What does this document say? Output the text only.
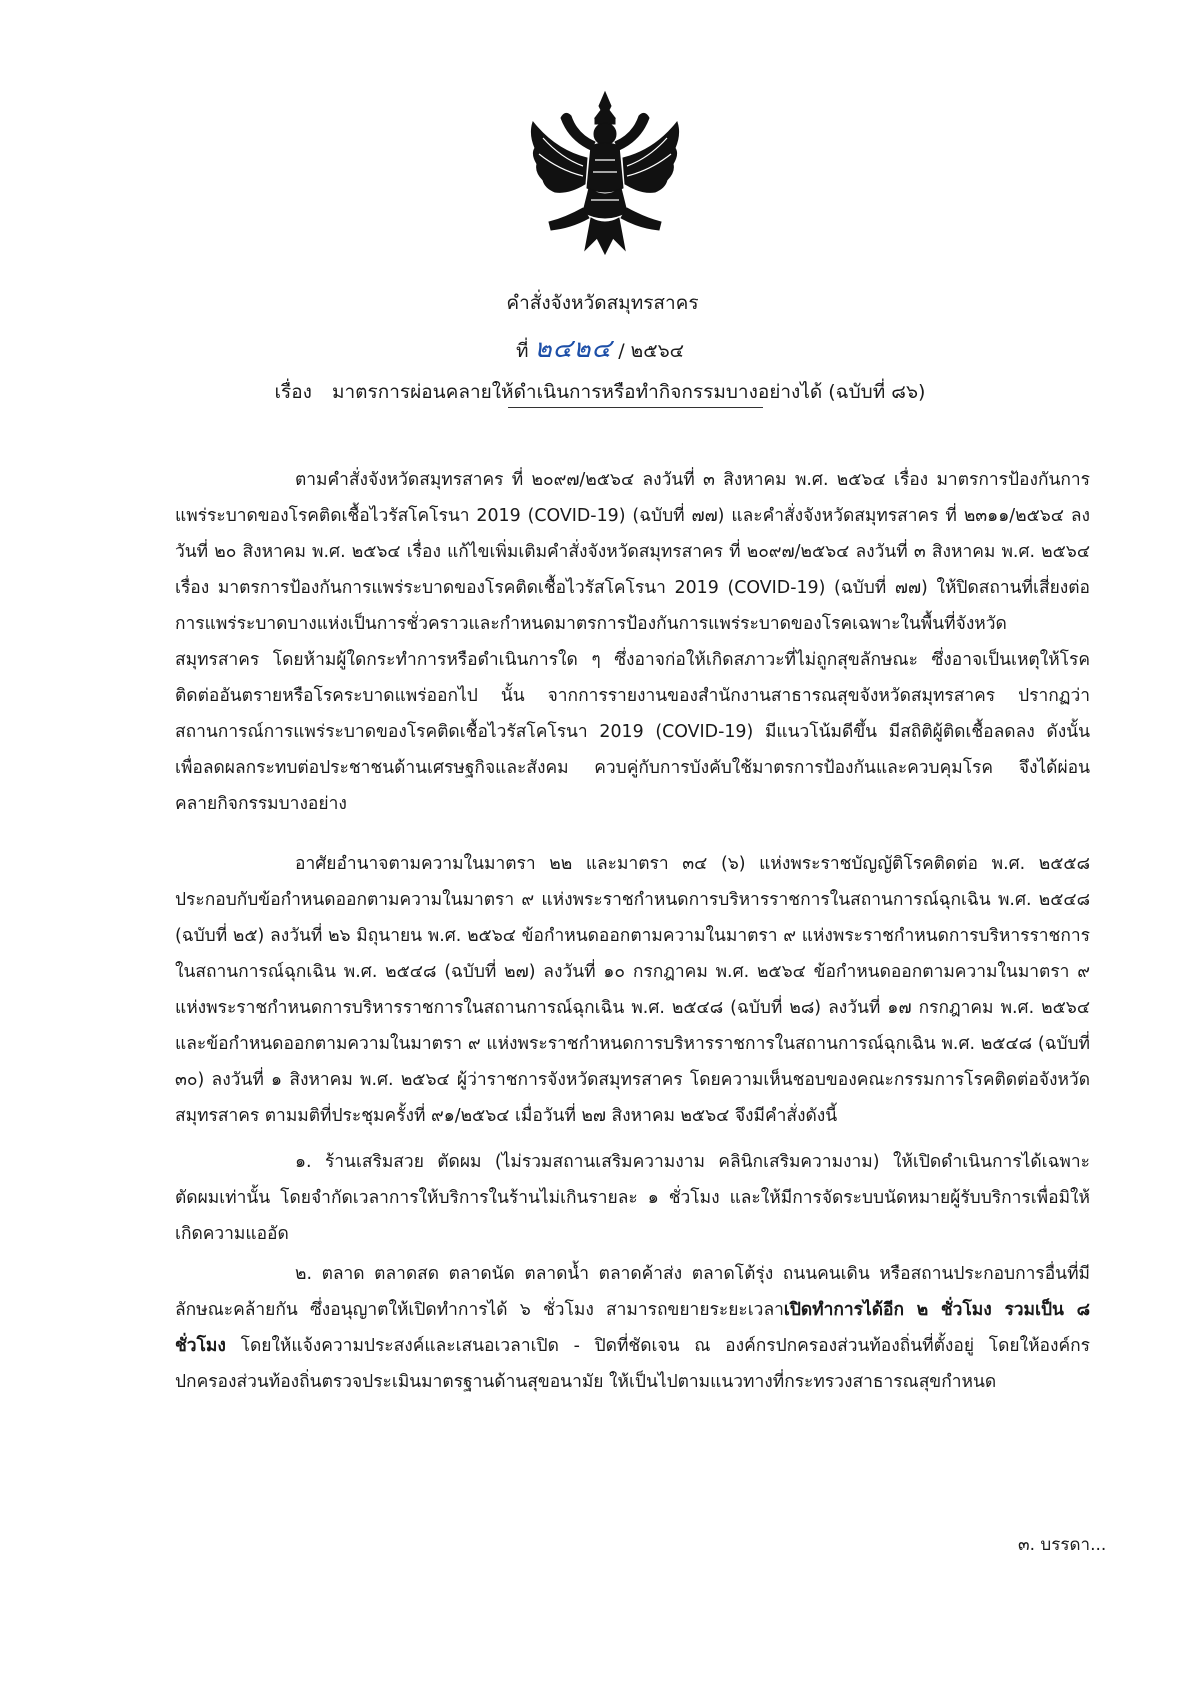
คำสั่งจังหวัดสมุทรสาคร
ที่ ๒๔๒๔ / ๒๕๖๔
เรื่อง มาตรการผ่อนคลายให้ดำเนินการหรือทำกิจกรรมบางอย่างได้ (ฉบับที่ ๘๖)

ตามคำสั่งจังหวัดสมุทรสาคร ที่ ๒๐๙๗/๒๕๖๔ ลงวันที่ ๓ สิงหาคม พ.ศ. ๒๕๖๔ เรื่อง มาตรการป้องกันการแพร่ระบาดของโรคติดเชื้อไวรัสโคโรนา 2019 (COVID-19) (ฉบับที่ ๗๗) และคำสั่งจังหวัดสมุทรสาคร ที่ ๒๓๑๑/๒๕๖๔ ลงวันที่ ๒๐ สิงหาคม พ.ศ. ๒๕๖๔ เรื่อง แก้ไขเพิ่มเติมคำสั่งจังหวัดสมุทรสาคร ที่ ๒๐๙๗/๒๕๖๔ ลงวันที่ ๓ สิงหาคม พ.ศ. ๒๕๖๔ เรื่อง มาตรการป้องกันการแพร่ระบาดของโรคติดเชื้อไวรัสโคโรนา 2019 (COVID-19) (ฉบับที่ ๗๗) ให้ปิดสถานที่เสี่ยงต่อการแพร่ระบาดบางแห่งเป็นการชั่วคราวและกำหนดมาตรการป้องกันการแพร่ระบาดของโรคเฉพาะในพื้นที่จังหวัดสมุทรสาคร โดยห้ามผู้ใดกระทำการหรือดำเนินการใด ๆ ซึ่งอาจก่อให้เกิดสภาวะที่ไม่ถูกสุขลักษณะ ซึ่งอาจเป็นเหตุให้โรคติดต่ออันตรายหรือโรคระบาดแพร่ออกไป นั้น จากการรายงานของสำนักงานสาธารณสุขจังหวัดสมุทรสาคร ปรากฏว่า สถานการณ์การแพร่ระบาดของโรคติดเชื้อไวรัสโคโรนา 2019 (COVID-19) มีแนวโน้มดีขึ้น มีสถิติผู้ติดเชื้อลดลง ดังนั้น เพื่อลดผลกระทบต่อประชาชนด้านเศรษฐกิจและสังคม ควบคู่กับการบังคับใช้มาตรการป้องกันและควบคุมโรค จึงได้ผ่อนคลายกิจกรรมบางอย่าง

อาศัยอำนาจตามความในมาตรา ๒๒ และมาตรา ๓๔ (๖) แห่งพระราชบัญญัติโรคติดต่อ พ.ศ. ๒๕๕๘ ประกอบกับข้อกำหนดออกตามความในมาตรา ๙ แห่งพระราชกำหนดการบริหารราชการในสถานการณ์ฉุกเฉิน พ.ศ. ๒๕๔๘ (ฉบับที่ ๒๕) ลงวันที่ ๒๖ มิถุนายน พ.ศ. ๒๕๖๔ ข้อกำหนดออกตามความในมาตรา ๙ แห่งพระราชกำหนดการบริหารราชการในสถานการณ์ฉุกเฉิน พ.ศ. ๒๕๔๘ (ฉบับที่ ๒๗) ลงวันที่ ๑๐ กรกฎาคม พ.ศ. ๒๕๖๔ ข้อกำหนดออกตามความในมาตรา ๙ แห่งพระราชกำหนดการบริหารราชการในสถานการณ์ฉุกเฉิน พ.ศ. ๒๕๔๘ (ฉบับที่ ๒๘) ลงวันที่ ๑๗ กรกฎาคม พ.ศ. ๒๕๖๔ และข้อกำหนดออกตามความในมาตรา ๙ แห่งพระราชกำหนดการบริหารราชการในสถานการณ์ฉุกเฉิน พ.ศ. ๒๕๔๘ (ฉบับที่ ๓๐) ลงวันที่ ๑ สิงหาคม พ.ศ. ๒๕๖๔ ผู้ว่าราชการจังหวัดสมุทรสาคร โดยความเห็นชอบของคณะกรรมการโรคติดต่อจังหวัดสมุทรสาคร ตามมติที่ประชุมครั้งที่ ๙๑/๒๕๖๔ เมื่อวันที่ ๒๗ สิงหาคม ๒๕๖๔ จึงมีคำสั่งดังนี้

๑. ร้านเสริมสวย ตัดผม (ไม่รวมสถานเสริมความงาม คลินิกเสริมความงาม) ให้เปิดดำเนินการได้เฉพาะตัดผมเท่านั้น โดยจำกัดเวลาการให้บริการในร้านไม่เกินรายละ ๑ ชั่วโมง และให้มีการจัดระบบนัดหมายผู้รับบริการเพื่อมิให้เกิดความแออัด

๒. ตลาด ตลาดสด ตลาดนัด ตลาดน้ำ ตลาดค้าส่ง ตลาดโต้รุ่ง ถนนคนเดิน หรือสถานประกอบการอื่นที่มีลักษณะคล้ายกัน ซึ่งอนุญาตให้เปิดทำการได้ ๖ ชั่วโมง สามารถขยายระยะเวลาเปิดทำการได้อีก ๒ ชั่วโมง รวมเป็น ๘ ชั่วโมง โดยให้แจ้งความประสงค์และเสนอเวลาเปิด - ปิดที่ชัดเจน ณ องค์กรปกครองส่วนท้องถิ่นที่ตั้งอยู่ โดยให้องค์กรปกครองส่วนท้องถิ่นตรวจประเมินมาตรฐานด้านสุขอนามัย ให้เป็นไปตามแนวทางที่กระทรวงสาธารณสุขกำหนด

๓. บรรดา...
